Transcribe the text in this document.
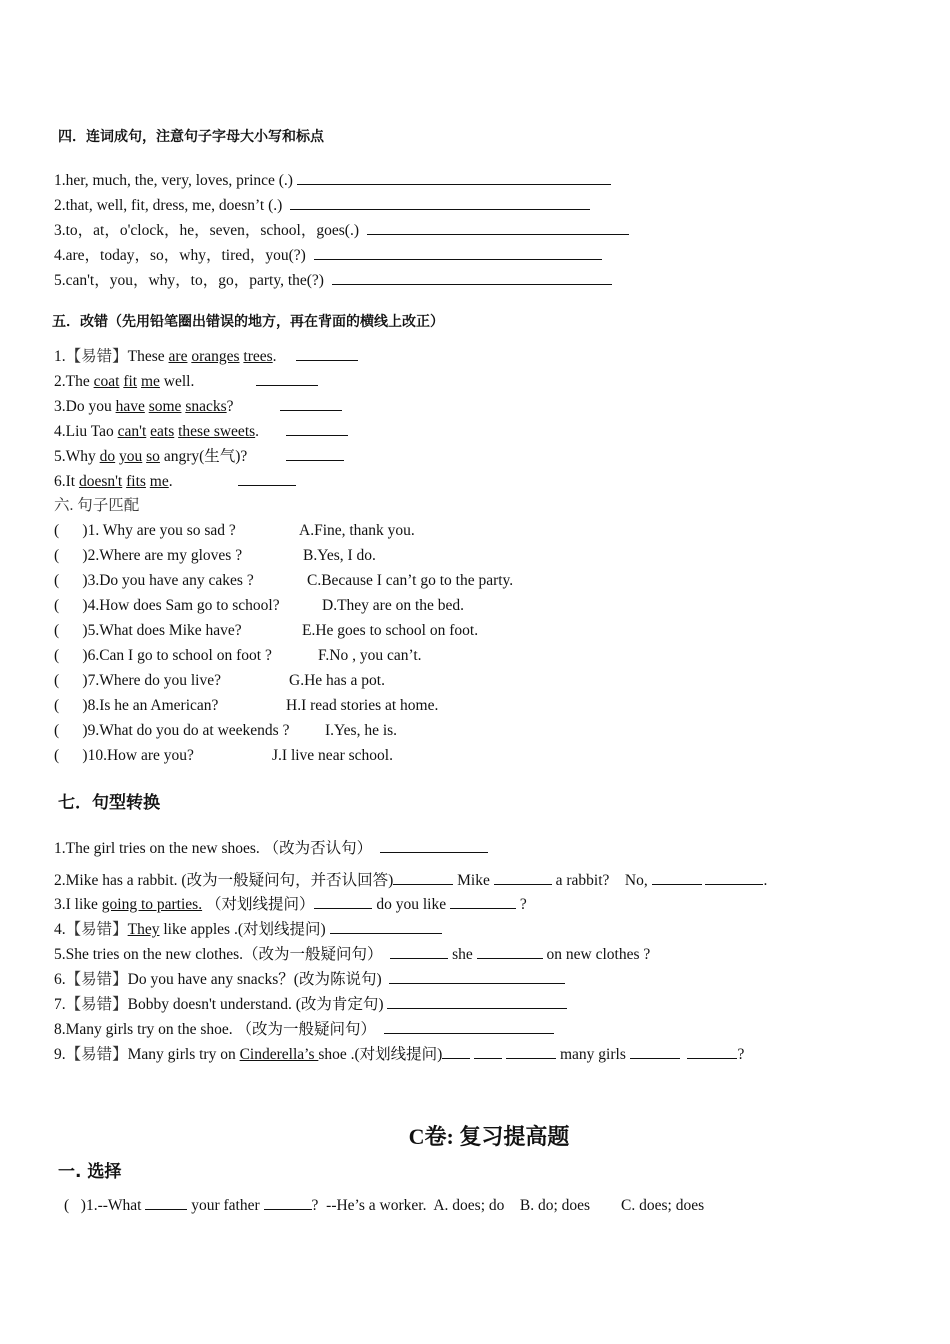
四．连词成句，注意句子字母大小写和标点
1.her, much, the, very, loves, prince (.)
2.that, well, fit, dress, me, doesn’t (.)
3.to，at，o'clock，he，seven，school，goes(.)
4.are，today，so，why，tired，you(?)
5.can't，you，why，to，go，party, the(?)
五．改错（先用铅笔圈出错误的地方，再在背面的横线上改正）
1.【易错】These are oranges trees.
2.The coat fit me well.
3.Do you have some snacks?
4.Liu Tao can't eats these sweets.
5.Why do you so angry(生气)?
6.It doesn't fits me.
六. 句子匹配
(      )1. Why are you so sad ?	A.Fine, thank you.
(      )2.Where are my gloves ?	B.Yes, I do.
(      )3.Do you have any cakes ?	C.Because I can’t go to the party.
(      )4.How does Sam go to school?	D.They are on the bed.
(      )5.What does Mike have?	E.He goes to school on foot.
(      )6.Can I go to school on foot ?	F.No , you can’t.
(      )7.Where do you live?	G.He has a pot.
(      )8.Is he an American?	H.I read stories at home.
(      )9.What do you do at weekends ? I.Yes, he is.
(      )10.How are you?	J.I live near school.
七．句型转换
1.The girl tries on the new shoes. （改为否认句）
2.Mike has a rabbit. (改为一般疑问句，并否认回答)	Mike	a rabbit?    No,	.
3.I like going to parties. （对划线提问）	do you like	?
4.【易错】They like apples .(对划线提问)
5.She tries on the new clothes.（改为一般疑问句）	she	on new clothes ?
6.【易错】Do you have any snacks？(改为陈说句)
7.【易错】Bobby doesn't understand. (改为肯定句)
8.Many girls try on the shoe. （改为一般疑问句）
9.【易错】Many girls try on Cinderella’s shoe .(对划线提问)	many girls	?
C卷: 复习提高题
一. 选择
(   )1.--What	your father	?  --He’s a worker.  A. does; do    B. do; does        C. does; does
